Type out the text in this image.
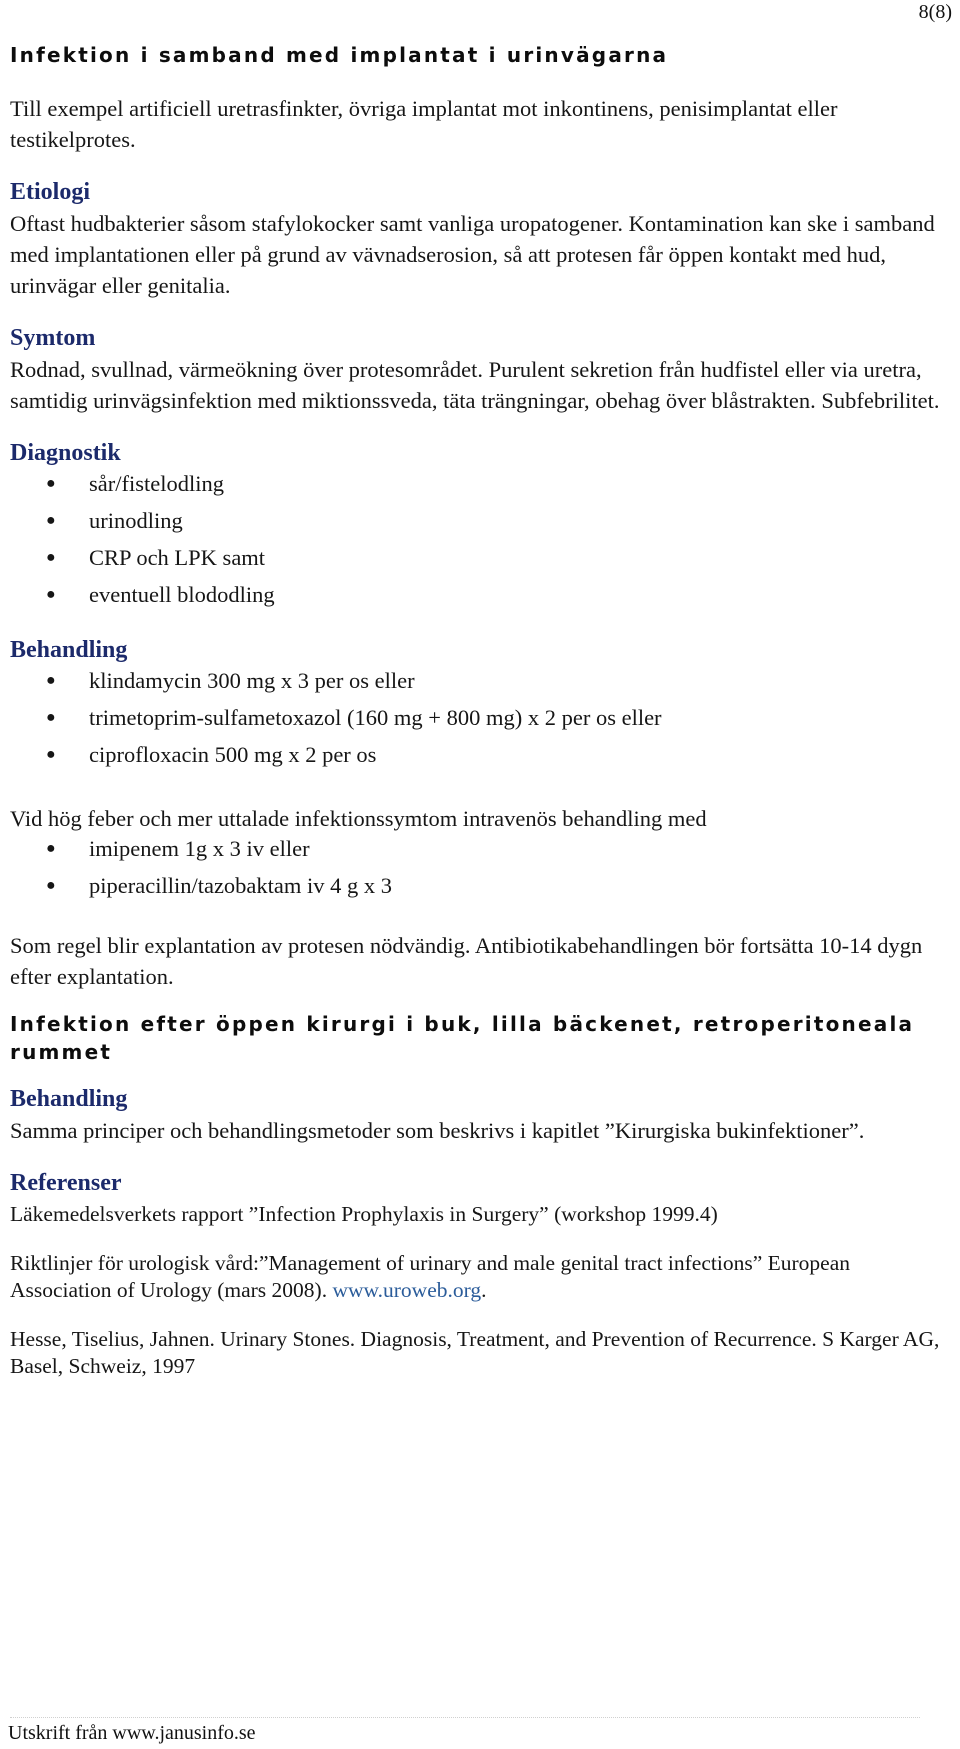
8(8)
Infektion i samband med implantat i urinvägarna

Till exempel artificiell uretrasfinkter, övriga implantat mot inkontinens, penisimplantat eller testikelprotes.

Etiologi

Oftast hudbakterier såsom stafylokocker samt vanliga uropatogener. Kontamination kan ske i samband med implantationen eller på grund av vävnadserosion, så att protesen får öppen kontakt med hud, urinvägar eller genitalia.

Symtom

Rodnad, svullnad, värmeökning över protesområdet. Purulent sekretion från hudfistel eller via uretra, samtidig urinvägsinfektion med miktionssveda, täta trängningar, obehag över blåstrakten. Subfebrilitet.

Diagnostik
● sår/fistelodling
● urinodling
● CRP och LPK samt
● eventuell blododling
Behandling
● klindamycin 300 mg x 3 per os eller
● trimetoprim-sulfametoxazol (160 mg + 800 mg) x 2 per os eller
● ciprofloxacin 500 mg x 2 per os

Vid hög feber och mer uttalade infektionssymtom intravenös behandling med

● imipenem 1g x 3 iv eller
● piperacillin/tazobaktam iv 4 g x 3

Som regel blir explantation av protesen nödvändig. Antibiotikabehandlingen bör fortsätta 10-14 dygn efter explantation.

Infektion efter öppen kirurgi i buk, lilla bäckenet, retroperitoneala rummet
Behandling

Samma principer och behandlingsmetoder som beskrivs i kapitlet ”Kirurgiska bukinfektioner”.

Referenser

Läkemedelsverkets rapport ”Infection Prophylaxis in Surgery” (workshop 1999.4)

Riktlinjer för urologisk vård:”Management of urinary and male genital tract infections” European Association of Urology (mars 2008). www.uroweb.org.

Hesse, Tiselius, Jahnen. Urinary Stones. Diagnosis, Treatment, and Prevention of Recurrence. S Karger AG, Basel, Schweiz, 1997

Utskrift från www.janusinfo.se
